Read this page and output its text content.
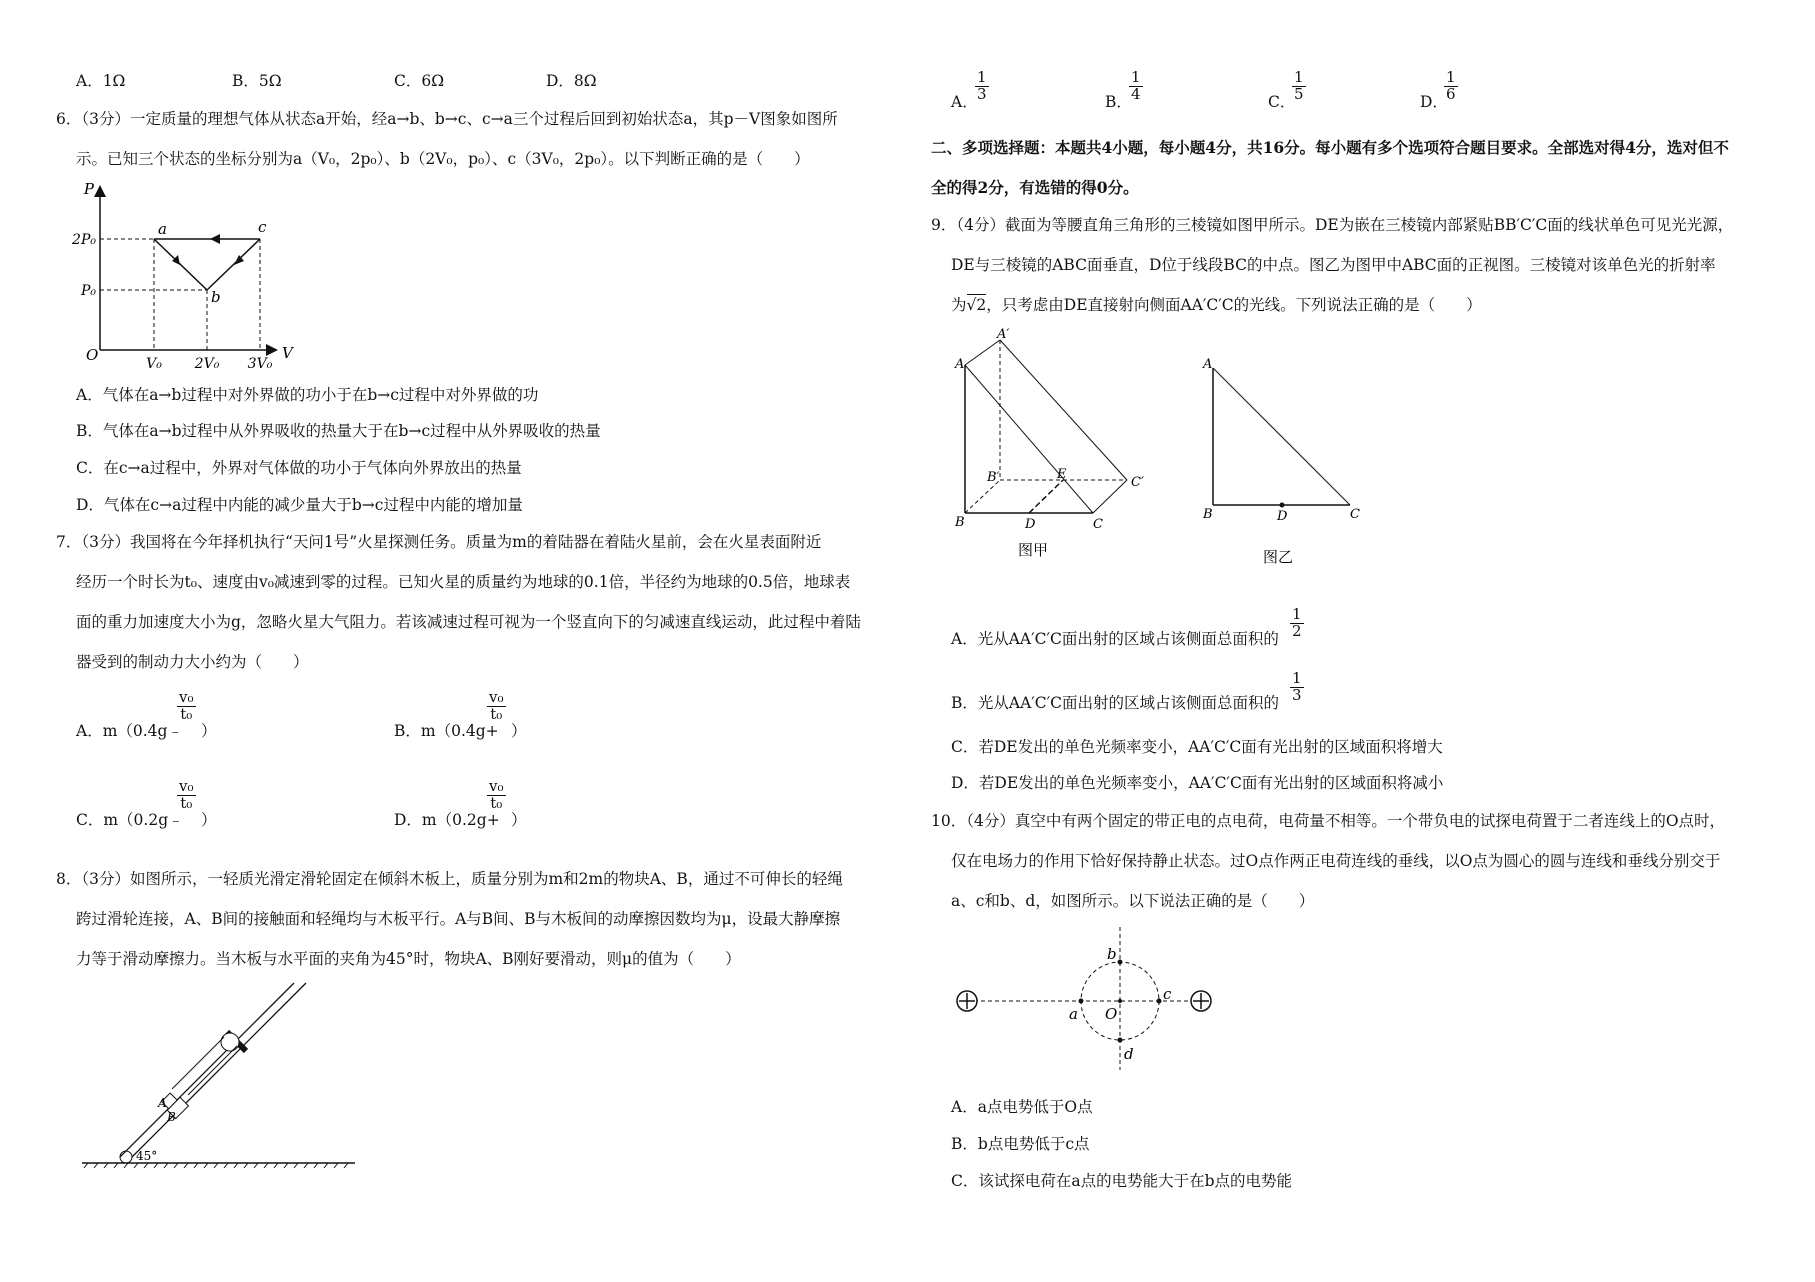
A．1Ω	B．5Ω	C．6Ω	D．8Ω
6．（3分）一定质量的理想气体从状态a开始，经a→b、b→c、c→a三个过程后回到初始状态a，其p－V图象如图所
示。已知三个状态的坐标分别为a（V₀，2p₀）、b（2V₀，p₀）、c（3V₀，2p₀）。以下判断正确的是（　　）
P
V
O
2P₀
P₀
V₀ 2V₀ 3V₀
a
b
c
A．气体在a→b过程中对外界做的功小于在b→c过程中对外界做的功
B．气体在a→b过程中从外界吸收的热量大于在b→c过程中从外界吸收的热量
C．在c→a过程中，外界对气体做的功小于气体向外界放出的热量
D．气体在c→a过程中内能的减少量大于b→c过程中内能的增加量
7．（3分）我国将在今年择机执行“天问1号”火星探测任务。质量为m的着陆器在着陆火星前，会在火星表面附近
经历一个时长为t₀、速度由v₀减速到零的过程。已知火星的质量约为地球的0.1倍，半径约为地球的0.5倍，地球表
面的重力加速度大小为g，忽略火星大气阻力。若该减速过程可视为一个竖直向下的匀减速直线运动，此过程中着陆
器受到的制动力大小约为（　　）
A．m（0.4g﹣
v₀
t₀
）	B．m（0.4g+
v₀
t₀
）
C．m（0.2g﹣
v₀
t₀
）	D．m（0.2g+
v₀
t₀
）
8．（3分）如图所示，一轻质光滑定滑轮固定在倾斜木板上，质量分别为m和2m的物块A、B，通过不可伸长的轻绳
跨过滑轮连接，A、B间的接触面和轻绳均与木板平行。A与B间、B与木板间的动摩擦因数均为μ，设最大静摩擦
力等于滑动摩擦力。当木板与水平面的夹角为45°时，物块A、B刚好要滑动，则μ的值为（　　）
A
B
45°
A．
1
3	B．
1
4	C．
1
5	D．
1
6
二、多项选择题：本题共4小题，每小题4分，共16分。每小题有多个选项符合题目要求。全部选对得4分，选对但不
全的得2分，有选错的得0分。
9．（4分）截面为等腰直角三角形的三棱镜如图甲所示。DE为嵌在三棱镜内部紧贴BB′C′C面的线状单色可见光光源，
DE与三棱镜的ABC面垂直，D位于线段BC的中点。图乙为图甲中ABC面的正视图。三棱镜对该单色光的折射率
为√2，只考虑由DE直接射向侧面AA′C′C的光线。下列说法正确的是（　　）
A′
A
B′	E
C′
B	D	C
图甲
A
B	D	C
图乙
A．光从AA′C′C面出射的区域占该侧面总面积的
1
2
B．光从AA′C′C面出射的区域占该侧面总面积的
1
3
C．若DE发出的单色光频率变小，AA′C′C面有光出射的区域面积将增大
D．若DE发出的单色光频率变小，AA′C′C面有光出射的区域面积将减小
10．（4分）真空中有两个固定的带正电的点电荷，电荷量不相等。一个带负电的试探电荷置于二者连线上的O点时，
仅在电场力的作用下恰好保持静止状态。过O点作两正电荷连线的垂线，以O点为圆心的圆与连线和垂线分别交于
a、c和b、d，如图所示。以下说法正确的是（　　）
a
b
c
d
O
A．a点电势低于O点
B．b点电势低于c点
C．该试探电荷在a点的电势能大于在b点的电势能
